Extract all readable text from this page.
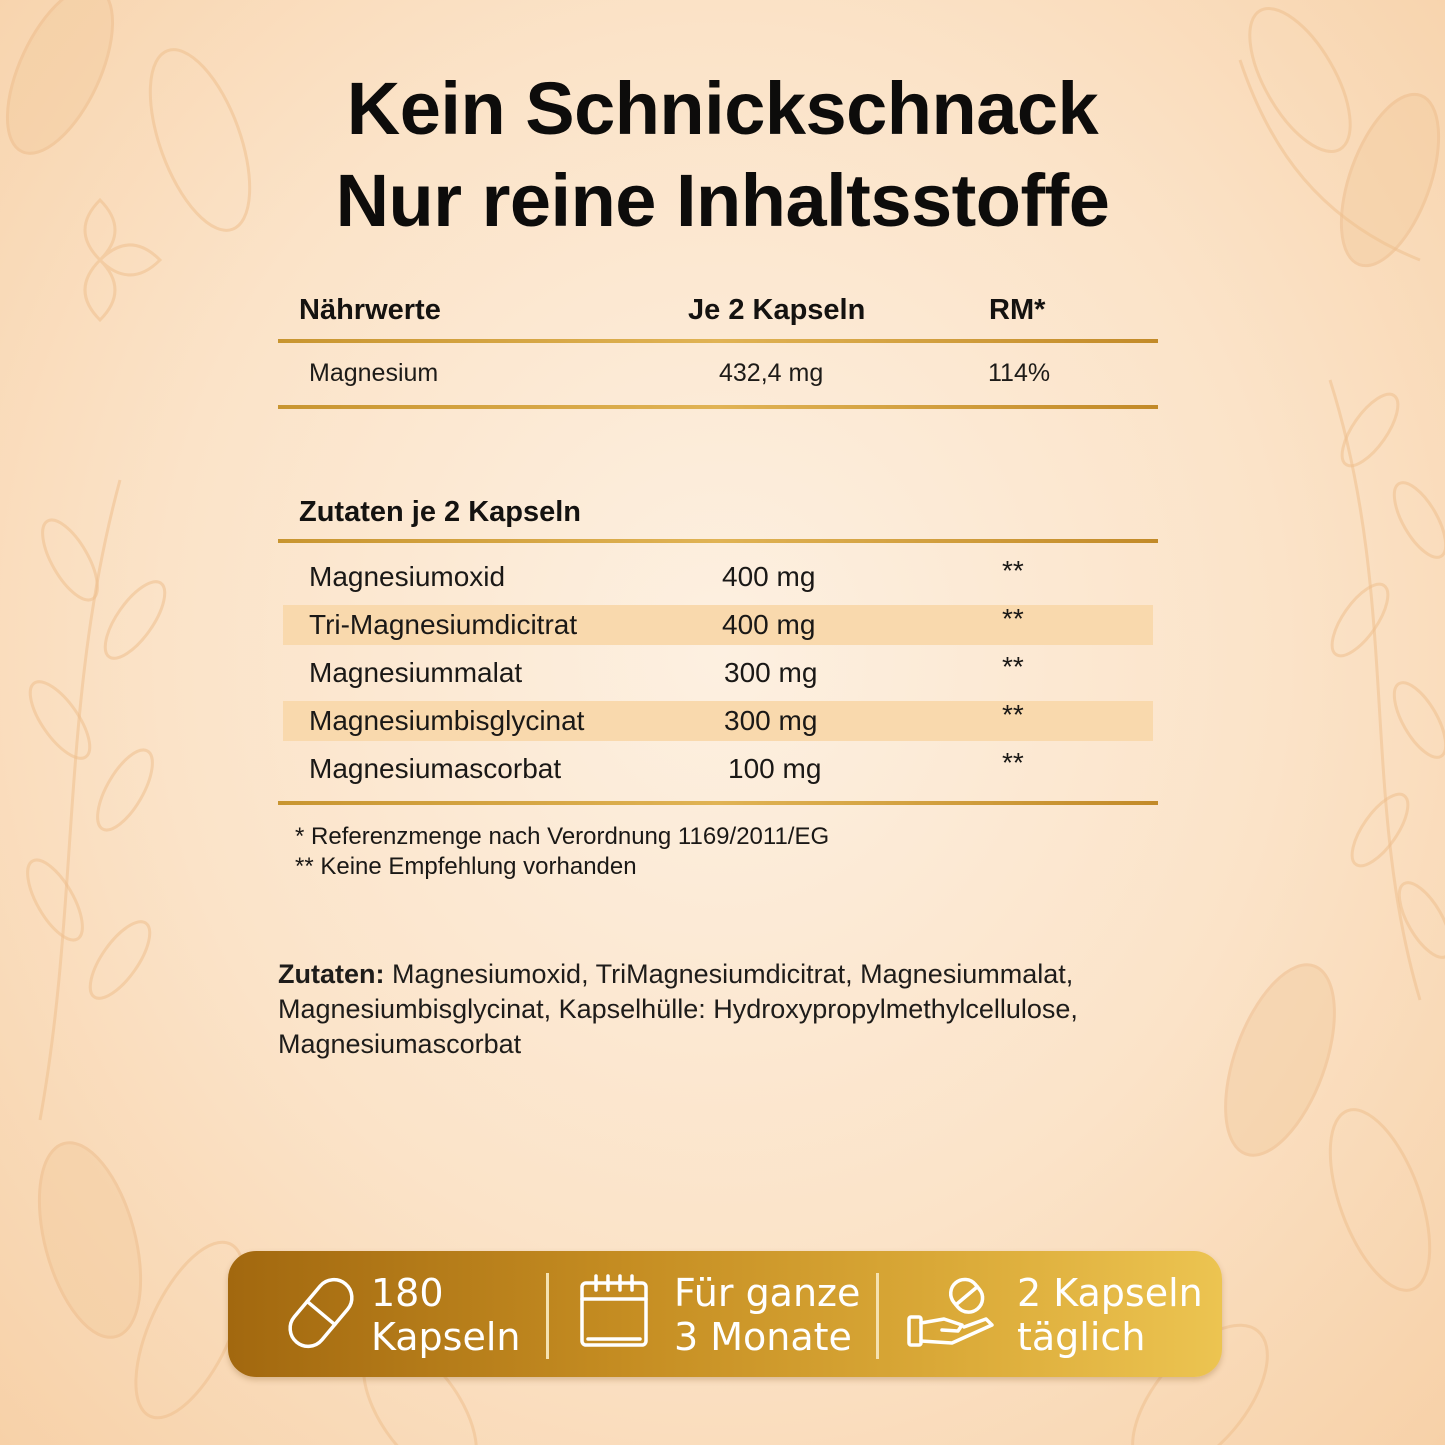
Kein Schnickschnack
Nur reine Inhaltsstoffe
Nährwerte	Je 2 Kapseln	RM*
Magnesium	432,4 mg	114%
Zutaten je 2 Kapseln
Magnesiumoxid	400 mg	**
Tri-Magnesiumdicitrat	400 mg	**
Magnesiummalat	300 mg	**
Magnesiumbisglycinat	300 mg	**
Magnesiumascorbat	100 mg	**
* Referenzmenge nach Verordnung 1169/2011/EG
** Keine Empfehlung vorhanden
Zutaten: Magnesiumoxid, TriMagnesiumdicitrat, Magnesiummalat, Magnesiumbisglycinat, Kapselhülle: Hydroxypropylmethylcellulose, Magnesiumascorbat
180
Kapseln
Für ganze
3 Monate
2 Kapseln
täglich
